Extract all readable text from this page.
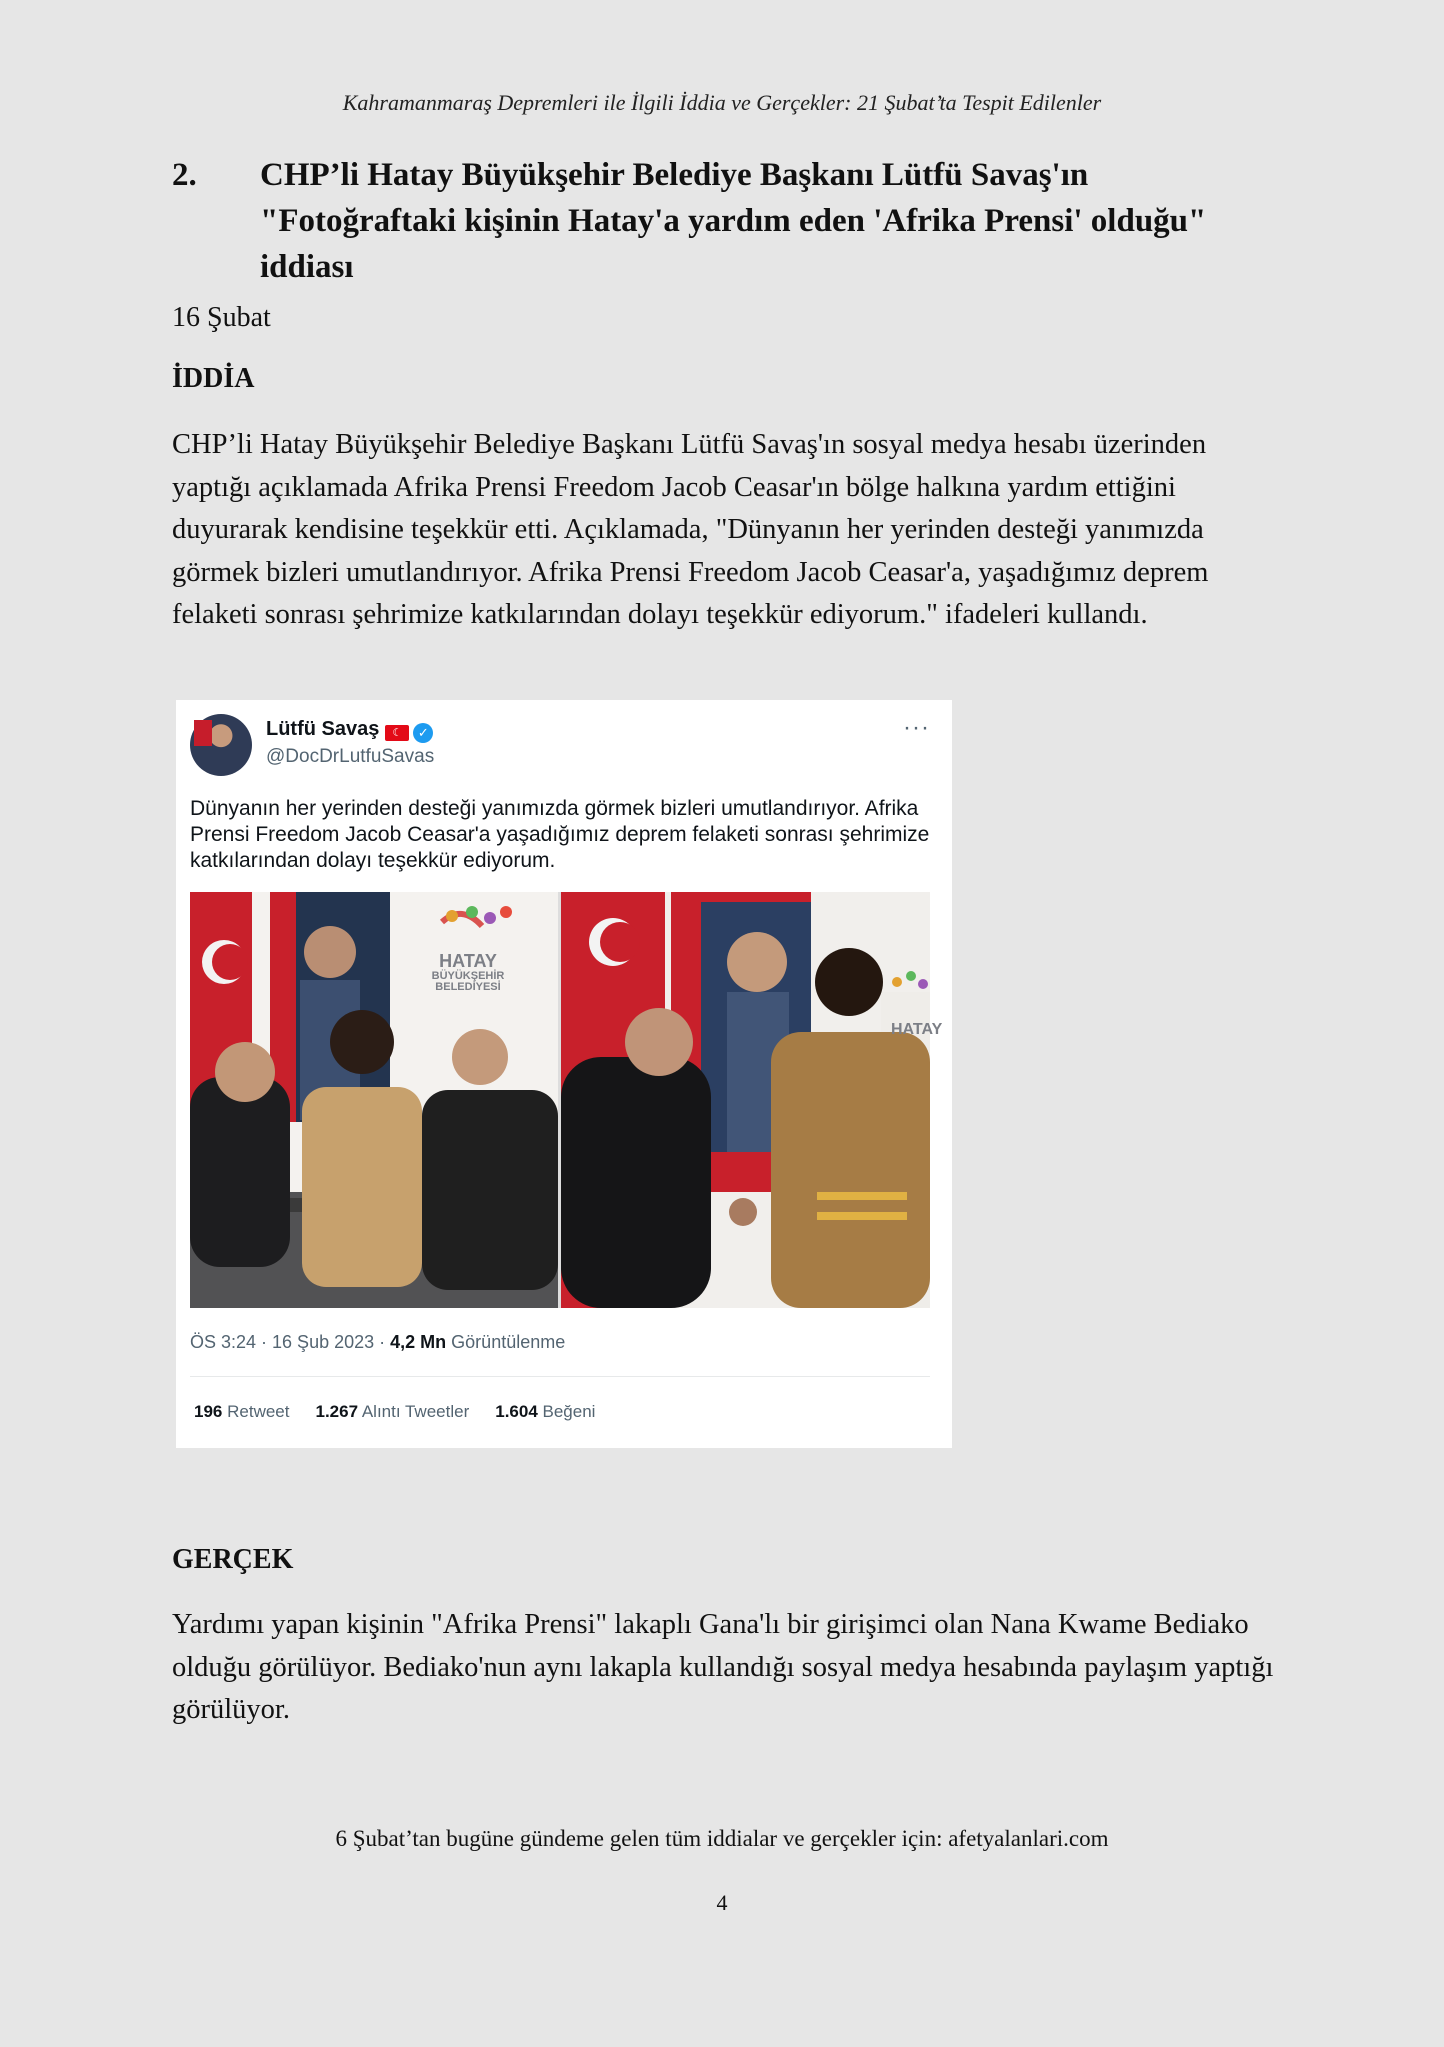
Kahramanmaraş Depremleri ile İlgili İddia ve Gerçekler: 21 Şubat’ta Tespit Edilenler
2.	CHP’li Hatay Büyükşehir Belediye Başkanı Lütfü Savaş'ın "Fotoğraftaki kişinin Hatay'a yardım eden 'Afrika Prensi' olduğu" iddiası
16 Şubat
İDDİA
CHP’li Hatay Büyükşehir Belediye Başkanı Lütfü Savaş'ın sosyal medya hesabı üzerinden yaptığı açıklamada Afrika Prensi Freedom Jacob Ceasar'ın bölge halkına yardım ettiğini duyurarak kendisine teşekkür etti. Açıklamada, "Dünyanın her yerinden desteği yanımızda görmek bizleri umutlandırıyor. Afrika Prensi Freedom Jacob Ceasar'a, yaşadığımız deprem felaketi sonrası şehrimize katkılarından dolayı teşekkür ediyorum." ifadeleri kullandı.
Lütfü Savaş ☾ ✓
@DocDrLutfuSavas
···
Dünyanın her yerinden desteği yanımızda görmek bizleri umutlandırıyor. Afrika Prensi Freedom Jacob Ceasar'a yaşadığımız deprem felaketi sonrası şehrimize katkılarından dolayı teşekkür ediyorum.
HATAY
BÜYÜKŞEHİR
BELEDİYESİ
HATAY
ÖS 3:24 · 16 Şub 2023 · 4,2 Mn Görüntülenme
196 Retweet 1.267 Alıntı Tweetler 1.604 Beğeni
GERÇEK
Yardımı yapan kişinin "Afrika Prensi" lakaplı Gana'lı bir girişimci olan Nana Kwame Bediako olduğu görülüyor. Bediako'nun aynı lakapla kullandığı sosyal medya hesabında paylaşım yaptığı görülüyor.
6 Şubat’tan bugüne gündeme gelen tüm iddialar ve gerçekler için: afetyalanlari.com
4
